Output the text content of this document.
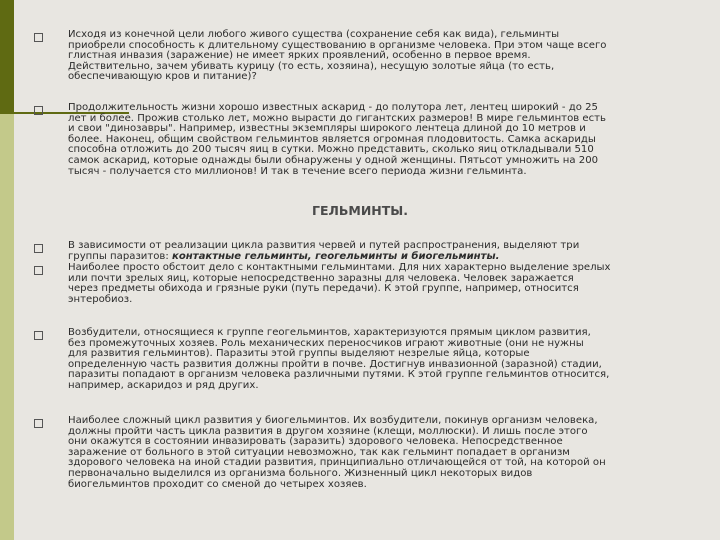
Исходя из конечной цели любого живого существа (сохранение себя как вида), гельминты
приобрели способность к длительному существованию в организме человека. При этом чаще всего
глистная инвазия (заражение) не имеет ярких проявлений, особенно в первое время.
Действительно, зачем убивать курицу (то есть, хозяина), несущую золотые яйца (то есть,
обеспечивающую кров и питание)?
Продолжительность жизни хорошо известных аскарид - до полутора лет, лентец широкий - до 25
лет и более. Прожив столько лет, можно вырасти до гигантских размеров! В мире гельминтов есть
и свои "динозавры". Например, известны экземпляры широкого лентеца длиной до 10 метров и
более. Наконец, общим свойством гельминтов является огромная плодовитость. Самка аскариды
способна отложить до 200 тысяч яиц в сутки. Можно представить, сколько яиц откладывали 510
самок аскарид, которые однажды были обнаружены у одной женщины. Пятьсот умножить на 200
тысяч - получается сто миллионов! И так в течение всего периода жизни гельминта.
ГЕЛЬМИНТЫ.
В зависимости от реализации цикла развития червей и путей распространения, выделяют три
группы паразитов: контактные гельминты, геогельминты и биогельминты.
Наиболее просто обстоит дело с контактными гельминтами. Для них характерно выделение зрелых
или почти зрелых яиц, которые непосредственно заразны для человека. Человек заражается
через предметы обихода и грязные руки (путь передачи). К этой группе, например, относится
энтеробиоз.
Возбудители, относящиеся к группе геогельминтов, характеризуются прямым циклом развития,
без промежуточных хозяев. Роль механических переносчиков играют животные (они не нужны
для развития гельминтов). Паразиты этой группы выделяют незрелые яйца, которые
определенную часть развития должны пройти в почве. Достигнув инвазионной (заразной) стадии,
паразиты попадают в организм человека различными путями. К этой группе гельминтов относится,
например, аскаридоз и ряд других.
Наиболее сложный цикл развития у биогельминтов. Их возбудители, покинув организм человека,
должны пройти часть цикла развития в другом хозяине (клещи, моллюски). И лишь после этого
они окажутся в состоянии инвазировать (заразить) здорового человека. Непосредственное
заражение от больного в этой ситуации невозможно, так как гельминт попадает в организм
здорового человека на иной стадии развития, принципиально отличающейся от той, на которой он
первоначально выделился из организма больного. Жизненный цикл некоторых видов
биогельминтов проходит со сменой до четырех хозяев.
